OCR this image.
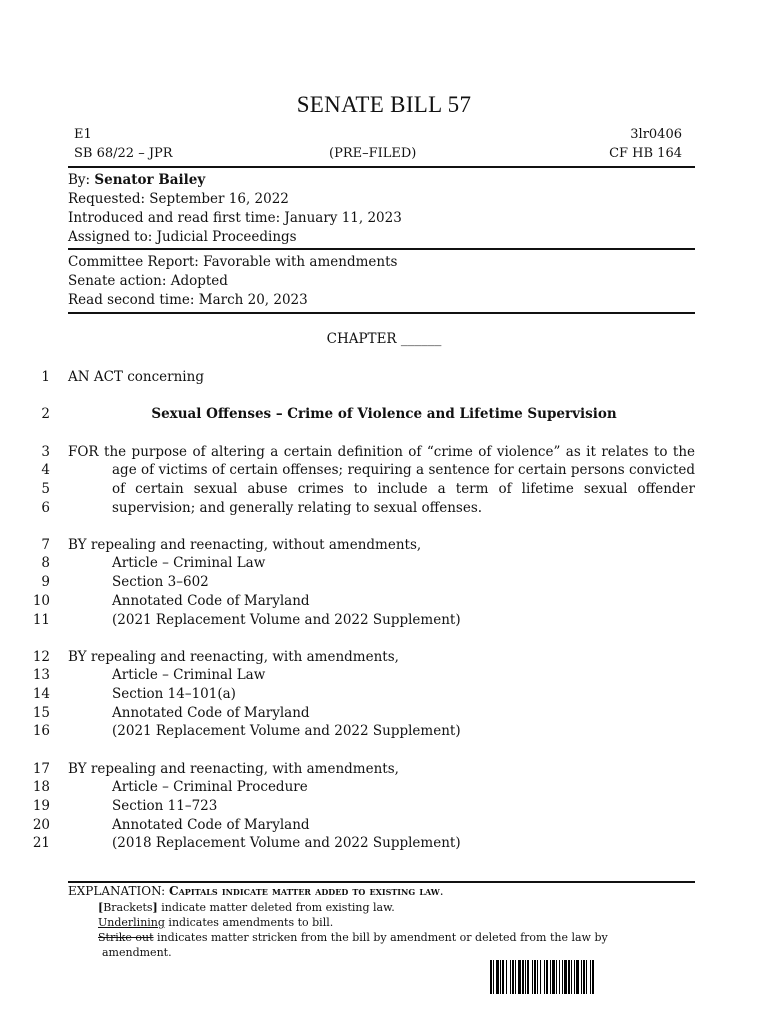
SENATE BILL 57
E1	3lr0406
SB 68/22 – JPR	(PRE–FILED)	CF HB 164
By: Senator Bailey
Requested: September 16, 2022
Introduced and read first time: January 11, 2023
Assigned to: Judicial Proceedings
Committee Report: Favorable with amendments
Senate action: Adopted
Read second time: March 20, 2023
CHAPTER ______
1 AN ACT concerning
2	Sexual Offenses – Crime of Violence and Lifetime Supervision
3 FOR the purpose of altering a certain definition of “crime of violence” as it relates to the
4	age of victims of certain offenses; requiring a sentence for certain persons convicted
5	of certain sexual abuse crimes to include a term of lifetime sexual offender
6	supervision; and generally relating to sexual offenses.
7 BY repealing and reenacting, without amendments,
8	Article – Criminal Law
9	Section 3–602
10	Annotated Code of Maryland
11	(2021 Replacement Volume and 2022 Supplement)
12 BY repealing and reenacting, with amendments,
13	Article – Criminal Law
14	Section 14–101(a)
15	Annotated Code of Maryland
16	(2021 Replacement Volume and 2022 Supplement)
17 BY repealing and reenacting, with amendments,
18	Article – Criminal Procedure
19	Section 11–723
20	Annotated Code of Maryland
21	(2018 Replacement Volume and 2022 Supplement)
EXPLANATION: Capitals indicate matter added to existing law.
[Brackets] indicate matter deleted from existing law.
Underlining indicates amendments to bill.
Strike out indicates matter stricken from the bill by amendment or deleted from the law by
amendment.
